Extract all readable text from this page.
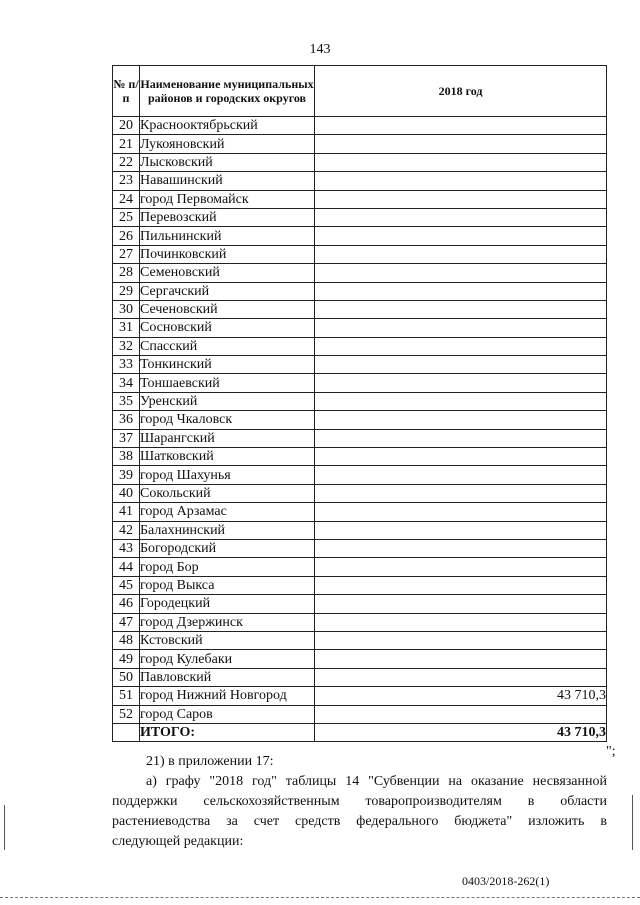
143
№ п/п	Наименование муниципальных районов и городских округов	2018 год
20	Краснооктябрьский	
21	Лукояновский	
22	Лысковский	
23	Навашинский	
24	город Первомайск	
25	Перевозский	
26	Пильнинский	
27	Починковский	
28	Семеновский	
29	Сергачский	
30	Сеченовский	
31	Сосновский	
32	Спасский	
33	Тонкинский	
34	Тоншаевский	
35	Уренский	
36	город Чкаловск	
37	Шарангский	
38	Шатковский	
39	город Шахунья	
40	Сокольский	
41	город Арзамас	
42	Балахнинский	
43	Богородский	
44	город Бор	
45	город Выкса	
46	Городецкий	
47	город Дзержинск	
48	Кстовский	
49	город Кулебаки	
50	Павловский	
51	город Нижний Новгород	43 710,3
52	город Саров	
	ИТОГО:	43 710,3
";
21) в приложении 17:
а) графу "2018 год" таблицы 14 "Субвенции на оказание несвязанной
поддержки сельскохозяйственным товаропроизводителям в области
растениеводства за счет средств федерального бюджета" изложить в
следующей редакции:
0403/2018-262(1)
